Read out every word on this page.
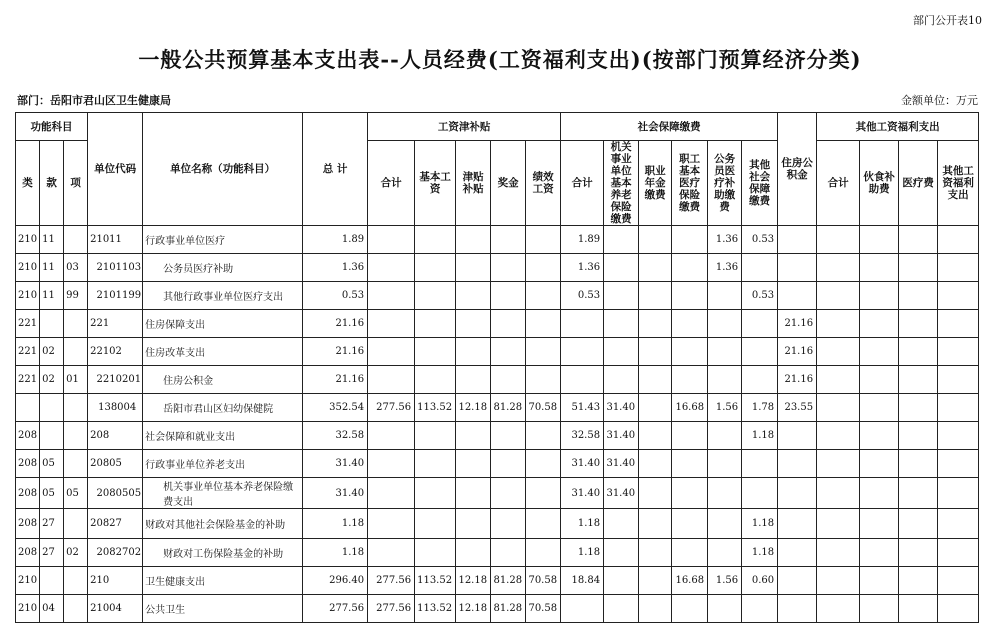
部门公开表10
一般公共预算基本支出表--人员经费(工资福利支出)(按部门预算经济分类)
部门：岳阳市君山区卫生健康局	金额单位：万元
功能科目			单位代码	单位名称（功能科目）	总 计	工资津补贴					社会保障缴费						住房公积金	其他工资福利支出			
类	款	项				合计	基本工资	津贴补贴	奖金	绩效工资	合计	机关事业单位基本养老保险缴费	职业年金缴费	职工基本医疗保险缴费	公务员医疗补助缴费	其他社会保障缴费		合计	伙食补助费	医疗费	其他工资福利支出
210	11		21011	行政事业单位医疗	1.89						1.89				1.36	0.53					
210	11	03	2101103	公务员医疗补助	1.36						1.36				1.36						
210	11	99	2101199	其他行政事业单位医疗支出	0.53						0.53					0.53					
221			221	住房保障支出	21.16												21.16				
221	02		22102	住房改革支出	21.16												21.16				
221	02	01	2210201	住房公积金	21.16												21.16				
			138004	岳阳市君山区妇幼保健院	352.54	277.56	113.52	12.18	81.28	70.58	51.43	31.40		16.68	1.56	1.78	23.55				
208			208	社会保障和就业支出	32.58						32.58	31.40				1.18					
208	05		20805	行政事业单位养老支出	31.40						31.40	31.40									
208	05	05	2080505	机关事业单位基本养老保险缴费支出	31.40						31.40	31.40									
208	27		20827	财政对其他社会保险基金的补助	1.18						1.18					1.18					
208	27	02	2082702	财政对工伤保险基金的补助	1.18						1.18					1.18					
210			210	卫生健康支出	296.40	277.56	113.52	12.18	81.28	70.58	18.84			16.68	1.56	0.60					
210	04		21004	公共卫生	277.56	277.56	113.52	12.18	81.28	70.58											
